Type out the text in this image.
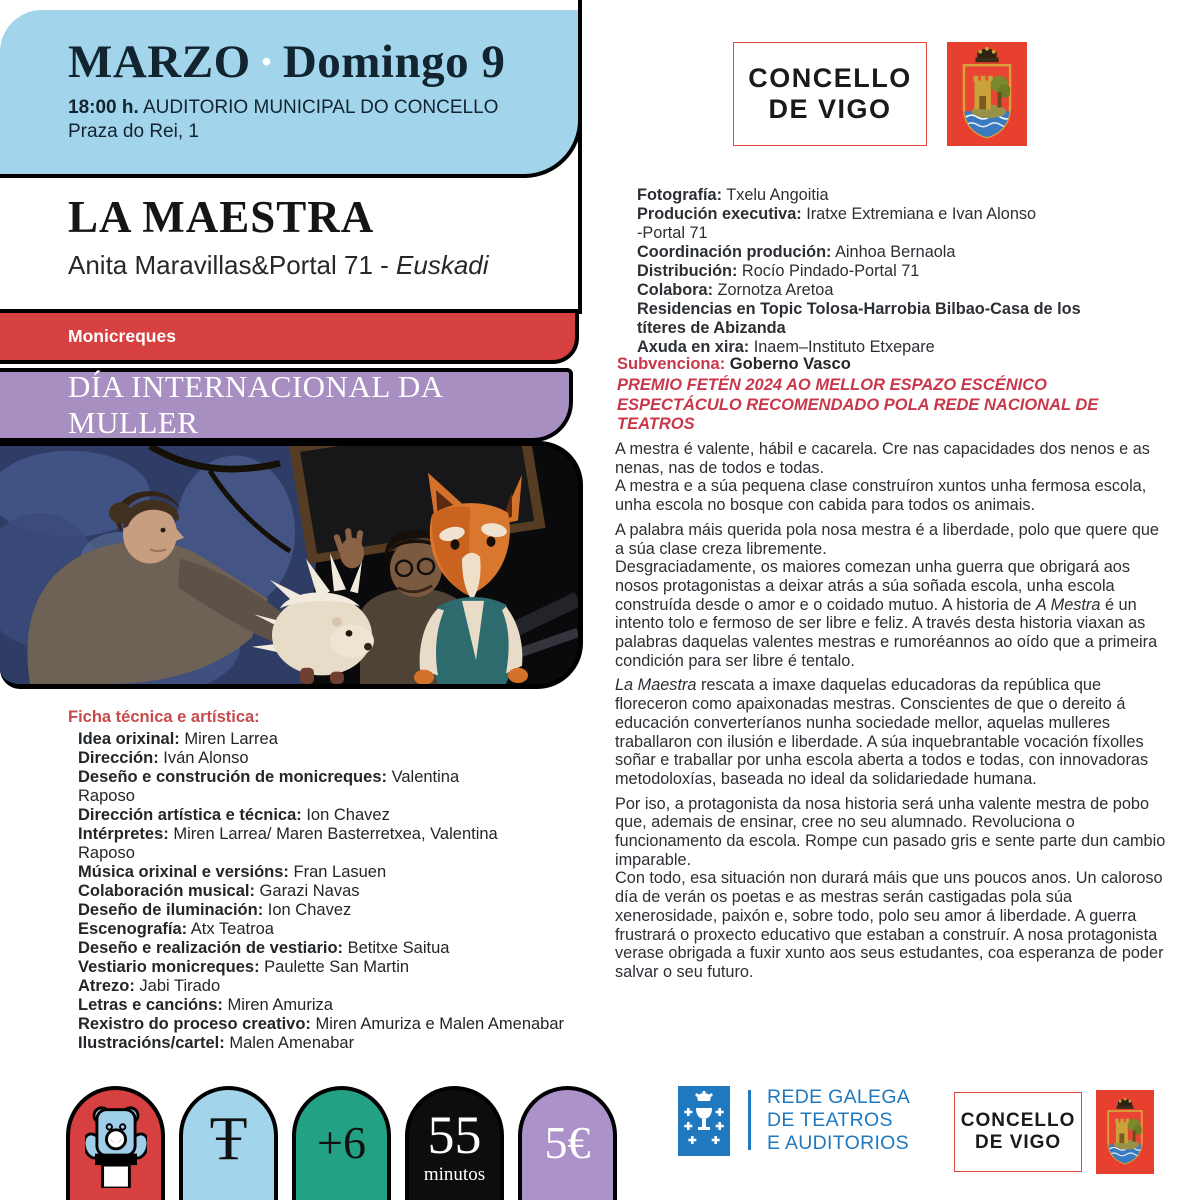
MARZO · Domingo 9
18:00 h. AUDITORIO MUNICIPAL DO CONCELLO
Praza do Rei, 1
LA MAESTRA
Anita Maravillas&Portal 71 - Euskadi
Monicreques
DÍA INTERNACIONAL DA MULLER
Ficha técnica e artística:
Idea orixinal: Miren Larrea
Dirección: Iván Alonso
Deseño e construción de monicreques: Valentina
Raposo
Dirección artística e técnica: Ion Chavez
Intérpretes: Miren Larrea/ Maren Basterretxea, Valentina
Raposo
Música orixinal e versións: Fran Lasuen
Colaboración musical: Garazi Navas
Deseño de iluminación: Ion Chavez
Escenografía: Atx Teatroa
Deseño e realización de vestiario: Betitxe Saitua
Vestiario monicreques: Paulette San Martin
Atrezo: Jabi Tirado
Letras e cancións: Miren Amuriza
Rexistro do proceso creativo: Miren Amuriza e Malen Amenabar
Ilustracións/cartel: Malen Amenabar
Ŧ +6 55
minutos
5€
CONCELLO
DE VIGO
Fotografía: Txelu Angoitia
Produción executiva: Iratxe Extremiana e Ivan Alonso
-Portal 71
Coordinación produción: Ainhoa Bernaola
Distribución: Rocío Pindado-Portal 71
Colabora: Zornotza Aretoa
Residencias en Topic Tolosa-Harrobia Bilbao-Casa de los
títeres de Abizanda
Axuda en xira: Inaem–Instituto Etxepare
Subvenciona: Goberno Vasco
PREMIO FETÉN 2024 AO MELLOR ESPAZO ESCÉNICO ESPECTÁCULO RECOMENDADO POLA REDE NACIONAL DE TEATROS

A mestra é valente, hábil e cacarela. Cre nas capacidades dos nenos e as nenas, nas de todos e todas.
A mestra e a súa pequena clase construíron xuntos unha fermosa escola, unha escola no bosque con cabida para todos os animais.

A palabra máis querida pola nosa mestra é a liberdade, polo que quere que a súa clase creza libremente.
Desgraciadamente, os maiores comezan unha guerra que obrigará aos nosos protagonistas a deixar atrás a súa soñada escola, unha escola construída desde o amor e o coidado mutuo. A historia de A Mestra é un intento tolo e fermoso de ser libre e feliz. A través desta historia viaxan as palabras daquelas valentes mestras e rumoréannos ao oído que a primeira condición para ser libre é tentalo.

La Maestra rescata a imaxe daquelas educadoras da república que floreceron como apaixonadas mestras. Conscientes de que o dereito á educación converteríanos nunha sociedade mellor, aquelas mulleres traballaron con ilusión e liberdade. A súa inquebrantable vocación fíxolles soñar e traballar por unha escola aberta a todos e todas, con innovadoras metodoloxías, baseada no ideal da solidariedade humana.

Por iso, a protagonista da nosa historia será unha valente mestra de pobo que, ademais de ensinar, cree no seu alumnado. Revoluciona o funcionamento da escola. Rompe cun pasado gris e sente parte dun cambio imparable.
Con todo, esa situación non durará máis que uns poucos anos. Un caloroso día de verán os poetas e as mestras serán castigadas pola súa xenerosidade, paixón e, sobre todo, polo seu amor á liberdade. A guerra frustrará o proxecto educativo que estaban a construír. A nosa protagonista verase obrigada a fuxir xunto aos seus estudantes, coa esperanza de poder salvar o seu futuro.

REDE GALEGA
DE TEATROS
E AUDITORIOS
CONCELLO
DE VIGO
